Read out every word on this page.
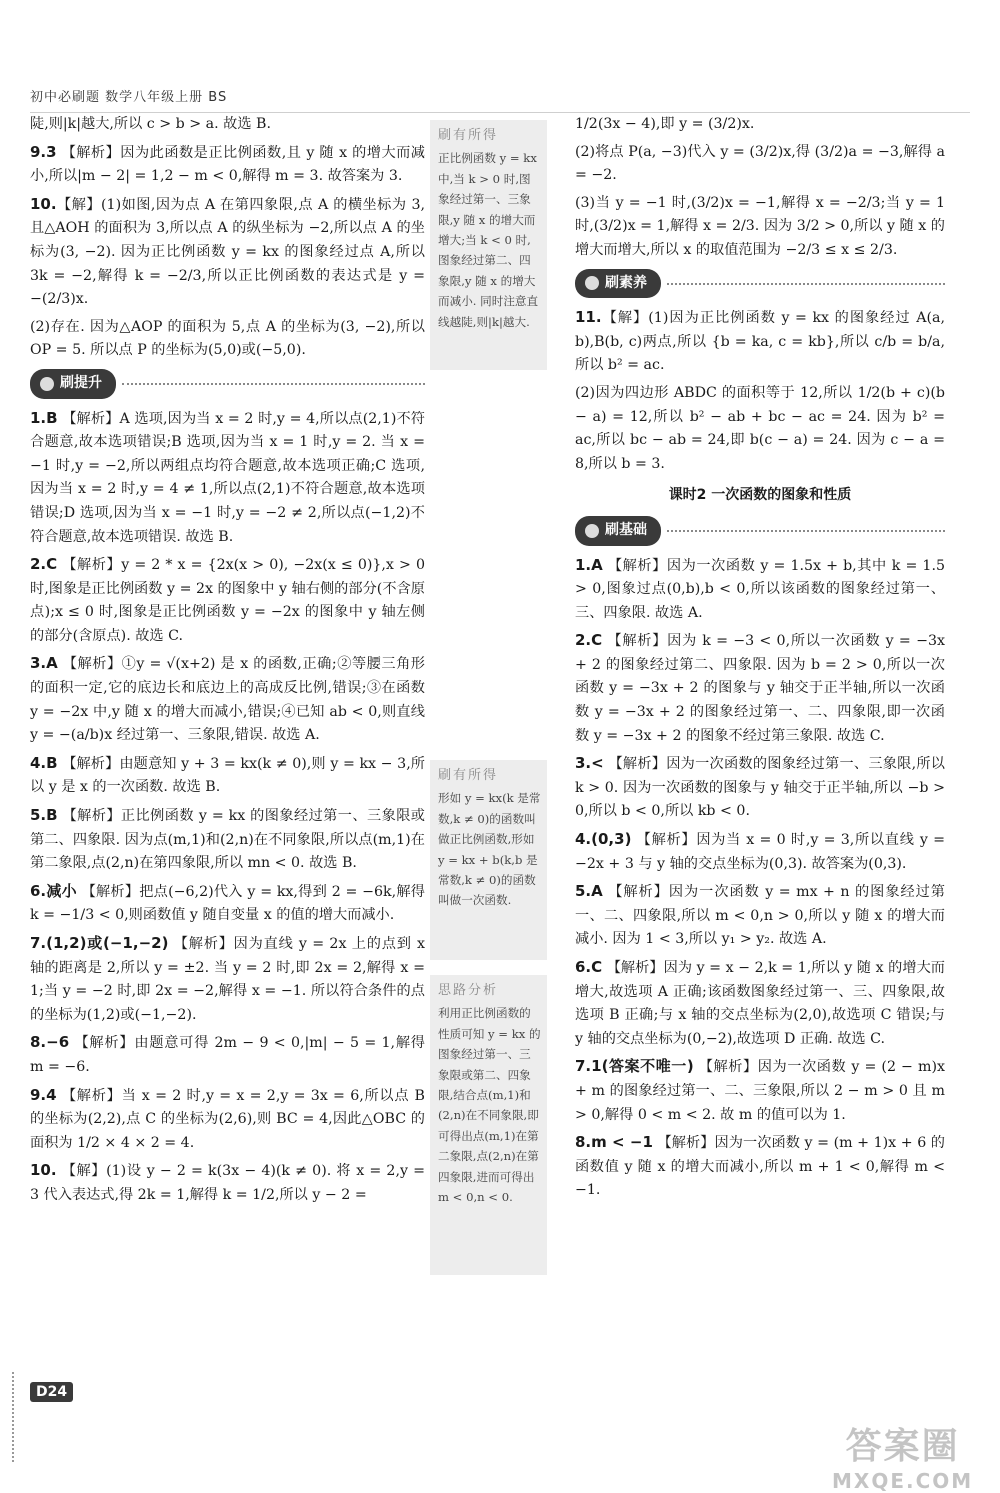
初中必刷题 数学八年级上册 BS

陡,则|k|越大,所以 c > b > a. 故选 B.

9.3 【解析】因为此函数是正比例函数,且 y 随 x 的增大而减小,所以|m − 2| = 1,2 − m < 0,解得 m = 3. 故答案为 3.

10.【解】(1)如图,因为点 A 在第四象限,点 A 的横坐标为 3,且△AOH 的面积为 3,所以点 A 的纵坐标为 −2,所以点 A 的坐标为(3, −2). 因为正比例函数 y = kx 的图象经过点 A,所以 3k = −2,解得 k = −2/3,所以正比例函数的表达式是 y = −(2/3)x.

(2)存在. 因为△AOP 的面积为 5,点 A 的坐标为(3, −2),所以 OP = 5. 所以点 P 的坐标为(5,0)或(−5,0).

刷提升

1.B 【解析】A 选项,因为当 x = 2 时,y = 4,所以点(2,1)不符合题意,故本选项错误;B 选项,因为当 x = 1 时,y = 2. 当 x = −1 时,y = −2,所以两组点均符合题意,故本选项正确;C 选项,因为当 x = 2 时,y = 4 ≠ 1,所以点(2,1)不符合题意,故本选项错误;D 选项,因为当 x = −1 时,y = −2 ≠ 2,所以点(−1,2)不符合题意,故本选项错误. 故选 B.

2.C 【解析】y = 2 * x = {2x(x > 0), −2x(x ≤ 0)},x > 0 时,图象是正比例函数 y = 2x 的图象中 y 轴右侧的部分(不含原点);x ≤ 0 时,图象是正比例函数 y = −2x 的图象中 y 轴左侧的部分(含原点). 故选 C.

3.A 【解析】①y = √(x+2) 是 x 的函数,正确;②等腰三角形的面积一定,它的底边长和底边上的高成反比例,错误;③在函数 y = −2x 中,y 随 x 的增大而减小,错误;④已知 ab < 0,则直线 y = −(a/b)x 经过第一、三象限,错误. 故选 A.

4.B 【解析】由题意知 y + 3 = kx(k ≠ 0),则 y = kx − 3,所以 y 是 x 的一次函数. 故选 B.

5.B 【解析】正比例函数 y = kx 的图象经过第一、三象限或第二、四象限. 因为点(m,1)和(2,n)在不同象限,所以点(m,1)在第二象限,点(2,n)在第四象限,所以 mn < 0. 故选 B.

6.减小 【解析】把点(−6,2)代入 y = kx,得到 2 = −6k,解得 k = −1/3 < 0,则函数值 y 随自变量 x 的值的增大而减小.

7.(1,2)或(−1,−2) 【解析】因为直线 y = 2x 上的点到 x 轴的距离是 2,所以 y = ±2. 当 y = 2 时,即 2x = 2,解得 x = 1;当 y = −2 时,即 2x = −2,解得 x = −1. 所以符合条件的点的坐标为(1,2)或(−1,−2).

8.−6 【解析】由题意可得 2m − 9 < 0,|m| − 5 = 1,解得 m = −6.

9.4 【解析】当 x = 2 时,y = x = 2,y = 3x = 6,所以点 B 的坐标为(2,2),点 C 的坐标为(2,6),则 BC = 4,因此△OBC 的面积为 1/2 × 4 × 2 = 4.

10. 【解】(1)设 y − 2 = k(3x − 4)(k ≠ 0). 将 x = 2,y = 3 代入表达式,得 2k = 1,解得 k = 1/2,所以 y − 2 =

刷有所得
正比例函数 y = kx 中,当 k > 0 时,图象经过第一、三象限,y 随 x 的增大而增大;当 k < 0 时,图象经过第二、四象限,y 随 x 的增大而减小. 同时注意直线越陡,则|k|越大.
刷有所得
形如 y = kx(k 是常数,k ≠ 0)的函数叫做正比例函数,形如 y = kx + b(k,b 是常数,k ≠ 0)的函数叫做一次函数.
思路分析
利用正比例函数的性质可知 y = kx 的图象经过第一、三象限或第二、四象限,结合点(m,1)和(2,n)在不同象限,即可得出点(m,1)在第二象限,点(2,n)在第四象限,进而可得出 m < 0,n < 0.

1/2(3x − 4),即 y = (3/2)x.

(2)将点 P(a, −3)代入 y = (3/2)x,得 (3/2)a = −3,解得 a = −2.

(3)当 y = −1 时,(3/2)x = −1,解得 x = −2/3;当 y = 1 时,(3/2)x = 1,解得 x = 2/3. 因为 3/2 > 0,所以 y 随 x 的增大而增大,所以 x 的取值范围为 −2/3 ≤ x ≤ 2/3.

刷素养

11.【解】(1)因为正比例函数 y = kx 的图象经过 A(a, b),B(b, c)两点,所以 {b = ka, c = kb},所以 c/b = b/a,所以 b² = ac.

(2)因为四边形 ABDC 的面积等于 12,所以 1/2(b + c)(b − a) = 12,所以 b² − ab + bc − ac = 24. 因为 b² = ac,所以 bc − ab = 24,即 b(c − a) = 24. 因为 c − a = 8,所以 b = 3.

课时2 一次函数的图象和性质
刷基础

1.A 【解析】因为一次函数 y = 1.5x + b,其中 k = 1.5 > 0,图象过点(0,b),b < 0,所以该函数的图象经过第一、三、四象限. 故选 A.

2.C 【解析】因为 k = −3 < 0,所以一次函数 y = −3x + 2 的图象经过第二、四象限. 因为 b = 2 > 0,所以一次函数 y = −3x + 2 的图象与 y 轴交于正半轴,所以一次函数 y = −3x + 2 的图象经过第一、二、四象限,即一次函数 y = −3x + 2 的图象不经过第三象限. 故选 C.

3.< 【解析】因为一次函数的图象经过第一、三象限,所以 k > 0. 因为一次函数的图象与 y 轴交于正半轴,所以 −b > 0,所以 b < 0,所以 kb < 0.

4.(0,3) 【解析】因为当 x = 0 时,y = 3,所以直线 y = −2x + 3 与 y 轴的交点坐标为(0,3). 故答案为(0,3).

5.A 【解析】因为一次函数 y = mx + n 的图象经过第一、二、四象限,所以 m < 0,n > 0,所以 y 随 x 的增大而减小. 因为 1 < 3,所以 y₁ > y₂. 故选 A.

6.C 【解析】因为 y = x − 2,k = 1,所以 y 随 x 的增大而增大,故选项 A 正确;该函数图象经过第一、三、四象限,故选项 B 正确;与 x 轴的交点坐标为(2,0),故选项 C 错误;与 y 轴的交点坐标为(0,−2),故选项 D 正确. 故选 C.

7.1(答案不唯一) 【解析】因为一次函数 y = (2 − m)x + m 的图象经过第一、二、三象限,所以 2 − m > 0 且 m > 0,解得 0 < m < 2. 故 m 的值可以为 1.

8.m < −1 【解析】因为一次函数 y = (m + 1)x + 6 的函数值 y 随 x 的增大而减小,所以 m + 1 < 0,解得 m < −1.

D24
答案圈
MXQE.COM
